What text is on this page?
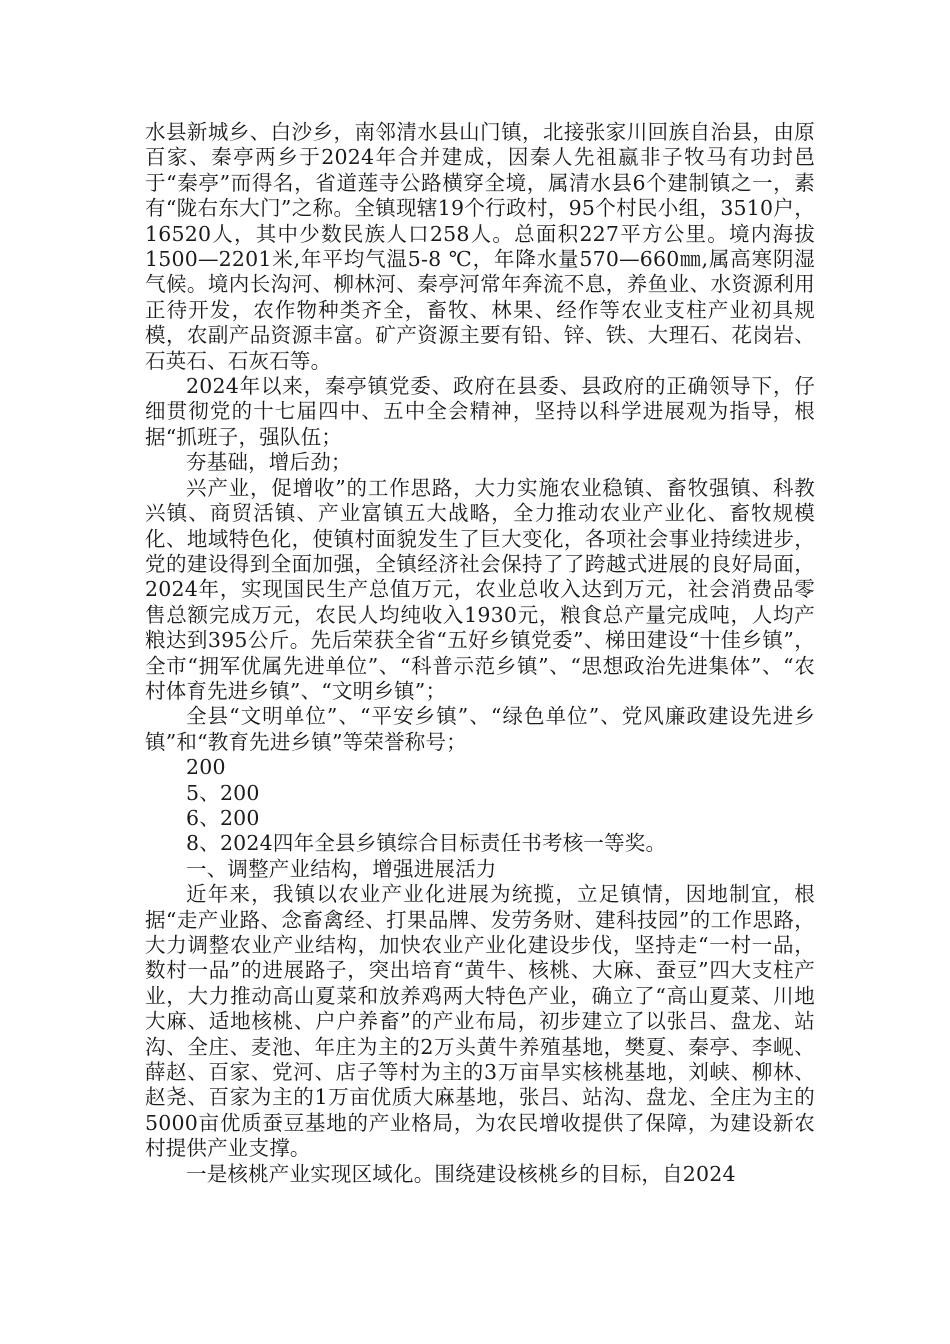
水县新城乡、白沙乡，南邻清水县山门镇，北接张家川回族自治县，由原百家、秦亭两乡于2024年合并建成，因秦人先祖嬴非子牧马有功封邑于“秦亭”而得名，省道莲寺公路横穿全境，属清水县6个建制镇之一，素有“陇右东大门”之称。全镇现辖19个行政村，95个村民小组，3510户，16520人，其中少数民族人口258人。总面积227平方公里。境内海拔1500—2201米,年平均气温5-8 ℃，年降水量570—660㎜,属高寒阴湿气候。境内长沟河、柳林河、秦亭河常年奔流不息，养鱼业、水资源利用正待开发，农作物种类齐全，畜牧、林果、经作等农业支柱产业初具规模，农副产品资源丰富。矿产资源主要有铅、锌、铁、大理石、花岗岩、石英石、石灰石等。

2024年以来，秦亭镇党委、政府在县委、县政府的正确领导下，仔细贯彻党的十七届四中、五中全会精神，坚持以科学进展观为指导，根据“抓班子，强队伍；

夯基础，增后劲；

兴产业，促增收”的工作思路，大力实施农业稳镇、畜牧强镇、科教兴镇、商贸活镇、产业富镇五大战略，全力推动农业产业化、畜牧规模化、地域特色化，使镇村面貌发生了巨大变化，各项社会事业持续进步，党的建设得到全面加强，全镇经济社会保持了了跨越式进展的良好局面，2024年，实现国民生产总值万元，农业总收入达到万元，社会消费品零售总额完成万元，农民人均纯收入1930元，粮食总产量完成吨，人均产粮达到395公斤。先后荣获全省“五好乡镇党委”、梯田建设“十佳乡镇”，全市“拥军优属先进单位”、“科普示范乡镇”、“思想政治先进集体”、“农村体育先进乡镇”、“文明乡镇”；

全县“文明单位”、“平安乡镇”、“绿色单位”、党风廉政建设先进乡镇”和“教育先进乡镇”等荣誉称号；

200

5、200

6、200

8、2024四年全县乡镇综合目标责任书考核一等奖。

一、调整产业结构，增强进展活力

近年来，我镇以农业产业化进展为统揽，立足镇情，因地制宜，根据“走产业路、念畜禽经、打果品牌、发劳务财、建科技园”的工作思路，大力调整农业产业结构，加快农业产业化建设步伐，坚持走“一村一品，数村一品”的进展路子，突出培育“黄牛、核桃、大麻、蚕豆”四大支柱产业，大力推动高山夏菜和放养鸡两大特色产业，确立了“高山夏菜、川地大麻、适地核桃、户户养畜”的产业布局，初步建立了以张吕、盘龙、站沟、全庄、麦池、年庄为主的2万头黄牛养殖基地，樊夏、秦亭、李岘、薛赵、百家、党河、店子等村为主的3万亩旱实核桃基地，刘峡、柳林、赵尧、百家为主的1万亩优质大麻基地，张吕、站沟、盘龙、全庄为主的5000亩优质蚕豆基地的产业格局，为农民增收提供了保障，为建设新农村提供产业支撑。

一是核桃产业实现区域化。围绕建设核桃乡的目标，自2024
